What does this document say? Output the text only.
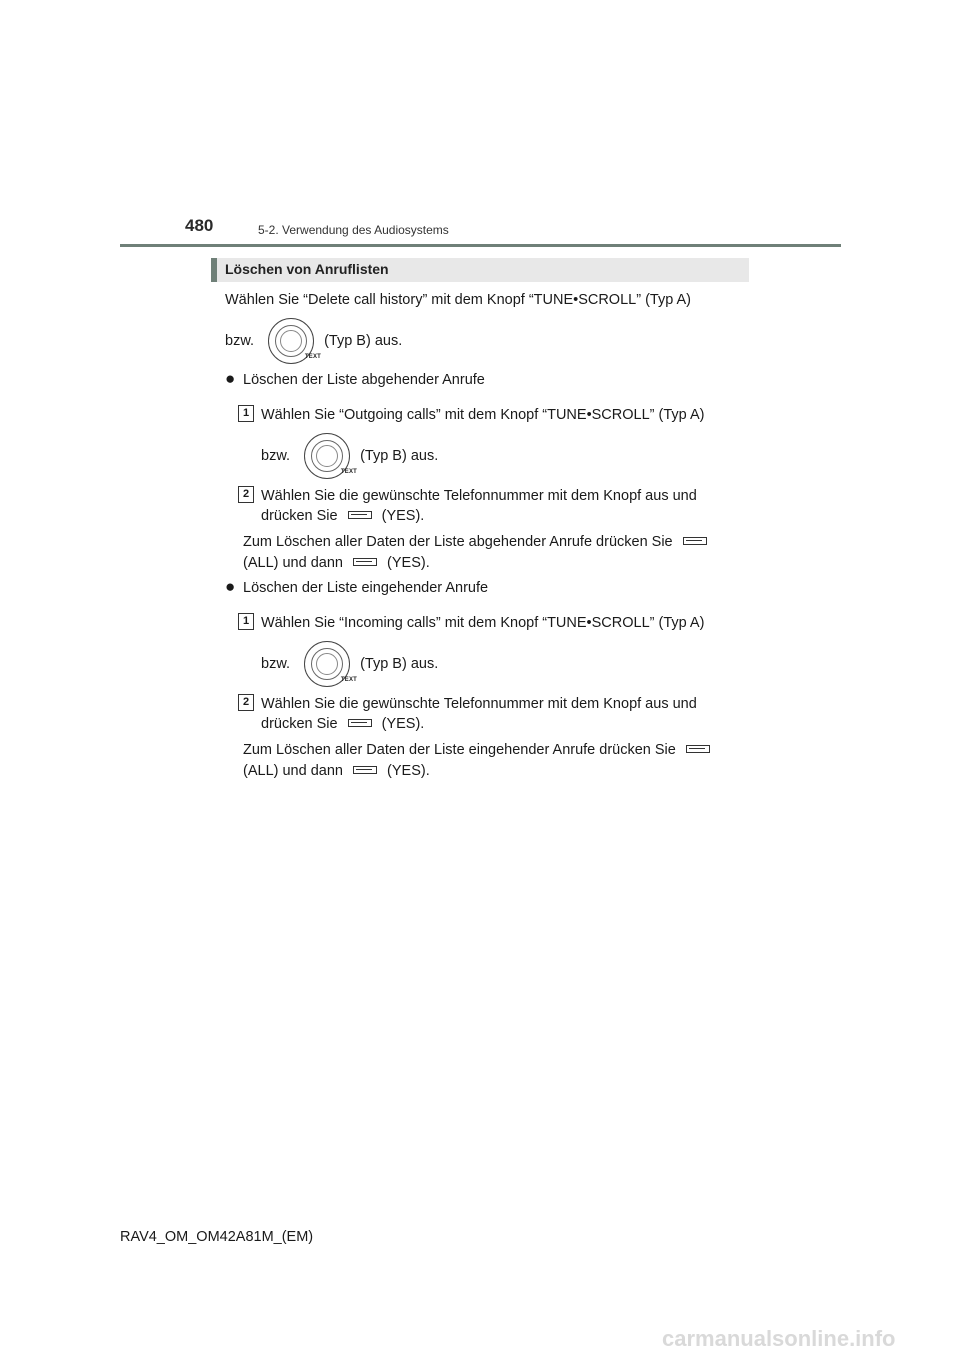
480	5-2. Verwendung des Audiosystems
Löschen von Anruflisten
Wählen Sie “Delete call history” mit dem Knopf “TUNE•SCROLL” (Typ A)
bzw.
TEXT
(Typ B) aus.
● Löschen der Liste abgehender Anrufe
1 Wählen Sie “Outgoing calls” mit dem Knopf “TUNE•SCROLL” (Typ A)
bzw.
TEXT
(Typ B) aus.
2 Wählen Sie die gewünschte Telefonnummer mit dem Knopf aus und
drücken Sie	(YES).
Zum Löschen aller Daten der Liste abgehender Anrufe drücken Sie
(ALL) und dann	(YES).
● Löschen der Liste eingehender Anrufe
1 Wählen Sie “Incoming calls” mit dem Knopf “TUNE•SCROLL” (Typ A)
bzw.
TEXT
(Typ B) aus.
2 Wählen Sie die gewünschte Telefonnummer mit dem Knopf aus und
drücken Sie	(YES).
Zum Löschen aller Daten der Liste eingehender Anrufe drücken Sie
(ALL) und dann	(YES).
RAV4_OM_OM42A81M_(EM)
carmanualsonline.info
